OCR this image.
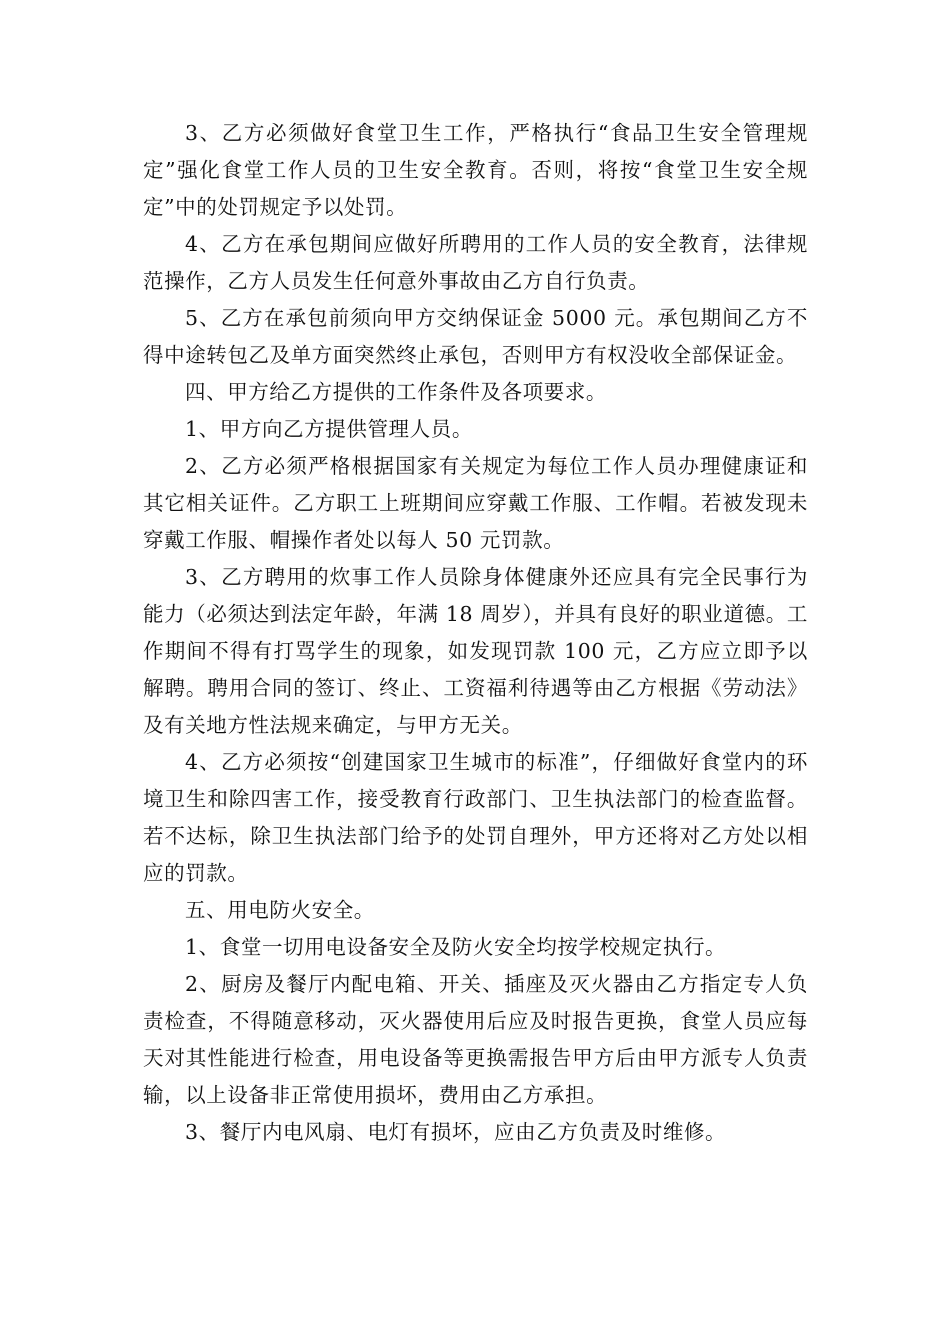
3、乙方必须做好食堂卫生工作，严格执行“食品卫生安全管理规定”强化食堂工作人员的卫生安全教育。否则，将按“食堂卫生安全规定”中的处罚规定予以处罚。

4、乙方在承包期间应做好所聘用的工作人员的安全教育，法律规范操作，乙方人员发生任何意外事故由乙方自行负责。

5、乙方在承包前须向甲方交纳保证金 5000 元。承包期间乙方不得中途转包乙及单方面突然终止承包，否则甲方有权没收全部保证金。

四、甲方给乙方提供的工作条件及各项要求。

1、甲方向乙方提供管理人员。

2、乙方必须严格根据国家有关规定为每位工作人员办理健康证和其它相关证件。乙方职工上班期间应穿戴工作服、工作帽。若被发现未穿戴工作服、帽操作者处以每人 50 元罚款。

3、乙方聘用的炊事工作人员除身体健康外还应具有完全民事行为能力（必须达到法定年龄，年满 18 周岁），并具有良好的职业道德。工作期间不得有打骂学生的现象，如发现罚款 100 元，乙方应立即予以解聘。聘用合同的签订、终止、工资福利待遇等由乙方根据《劳动法》及有关地方性法规来确定，与甲方无关。

4、乙方必须按“创建国家卫生城市的标准”，仔细做好食堂内的环境卫生和除四害工作，接受教育行政部门、卫生执法部门的检查监督。若不达标，除卫生执法部门给予的处罚自理外，甲方还将对乙方处以相应的罚款。

五、用电防火安全。

1、食堂一切用电设备安全及防火安全均按学校规定执行。

2、厨房及餐厅内配电箱、开关、插座及灭火器由乙方指定专人负责检查，不得随意移动，灭火器使用后应及时报告更换，食堂人员应每天对其性能进行检查，用电设备等更换需报告甲方后由甲方派专人负责输，以上设备非正常使用损坏，费用由乙方承担。

3、餐厅内电风扇、电灯有损坏，应由乙方负责及时维修。
